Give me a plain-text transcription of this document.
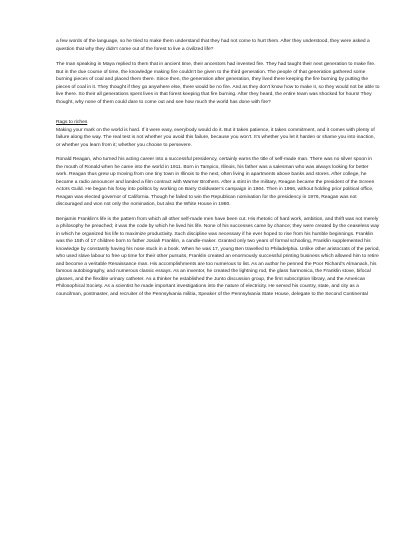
a few words of the language, so he tried to make them understand that they had not come to hurt them. After they understood, they were asked a question that why they didn’t come out of the forest to live a civilized life?

The man speaking in Maya replied to them that in ancient time, their ancestors had invented fire. They had taught their next generation to make fire. But in the due course of time, the knowledge making fire couldn’t be given to the third generation. The people of that generation gathered some burning pieces of coal and placed them there. Since then, the generation after generation, they lived there keeping the fire burning by putting the pieces of coal in it. They thought if they go anywhere else, there would be no fire. And as they don’t know how to make it, so they would not be able to live there. So their all generations spent lives in that forest keeping that fire burning. After they heard, the entire team was shocked for hours! They thought, why none of them could dare to come out and see how much the world has done with fire?

Rags to riches

Making your mark on the world is hard. If it were easy, everybody would do it. But it takes patience, it takes commitment, and it comes with plenty of failure along the way. The real test is not whether you avoid this failure, because you won’t. It’s whether you let it harden or shame you into inaction, or whether you learn from it; whether you choose to persevere.

Ronald Reagan, who turned his acting career into a successful presidency, certainly earns the title of self-made man. There was no silver spoon in the mouth of Ronald when he came into the world in 1911. Born in Tampico, Illinois, his father was a salesman who was always looking for better work. Reagan thus grew up moving from one tiny town in Illinois to the next, often living in apartments above banks and stores. After college, he became a radio announcer and landed a film contract with Warner Brothers. After a stint in the military, Reagan became the president of the Screen Actors Guild. He began his foray into politics by working on Barry Goldwater’s campaign in 1964. Then in 1966, without holding prior political office, Reagan was elected governor of California. Though he failed to win the Republican nomination for the presidency in 1976, Reagan was not discouraged and won not only the nomination, but also the White House in 1980.

Benjamin Franklin’s life is the pattern from which all other self-made men have been cut. His rhetoric of hard work, ambition, and thrift was not merely a philosophy he preached; it was the code by which he lived his life. None of his successes came by chance; they were created by the ceaseless way in which he organized his life to maximize productivity. Such discipline was necessary if he ever hoped to rise from his humble beginnings. Franklin was the 15th of 17 children born to father Josiah Franklin, a candle-maker. Granted only two years of formal schooling, Franklin supplemented his knowledge by constantly having his nose stuck in a book. When he was 17, young Ben travelled to Philadelphia. Unlike other aristocrats of the period, who used slave labour to free up time for their other pursuits, Franklin created an enormously successful printing business which allowed him to retire and become a veritable Renaissance man. His accomplishments are too numerous to list. As an author he penned the Poor Richard’s Almanack, his famous autobiography, and numerous classic essays. As an inventor, he created the lightning rod, the glass harmonica, the Franklin stove, bifocal glasses, and the flexible urinary catheter. As a thinker he established the Junto discussion group, the first subscription library, and the American Philosophical Society. As a scientist he made important investigations into the nature of electricity. He served his country, state, and city as a councilman, postmaster, and recruiter of the Pennsylvania militia, Speaker of the Pennsylvania State House, delegate to the Second Continental
